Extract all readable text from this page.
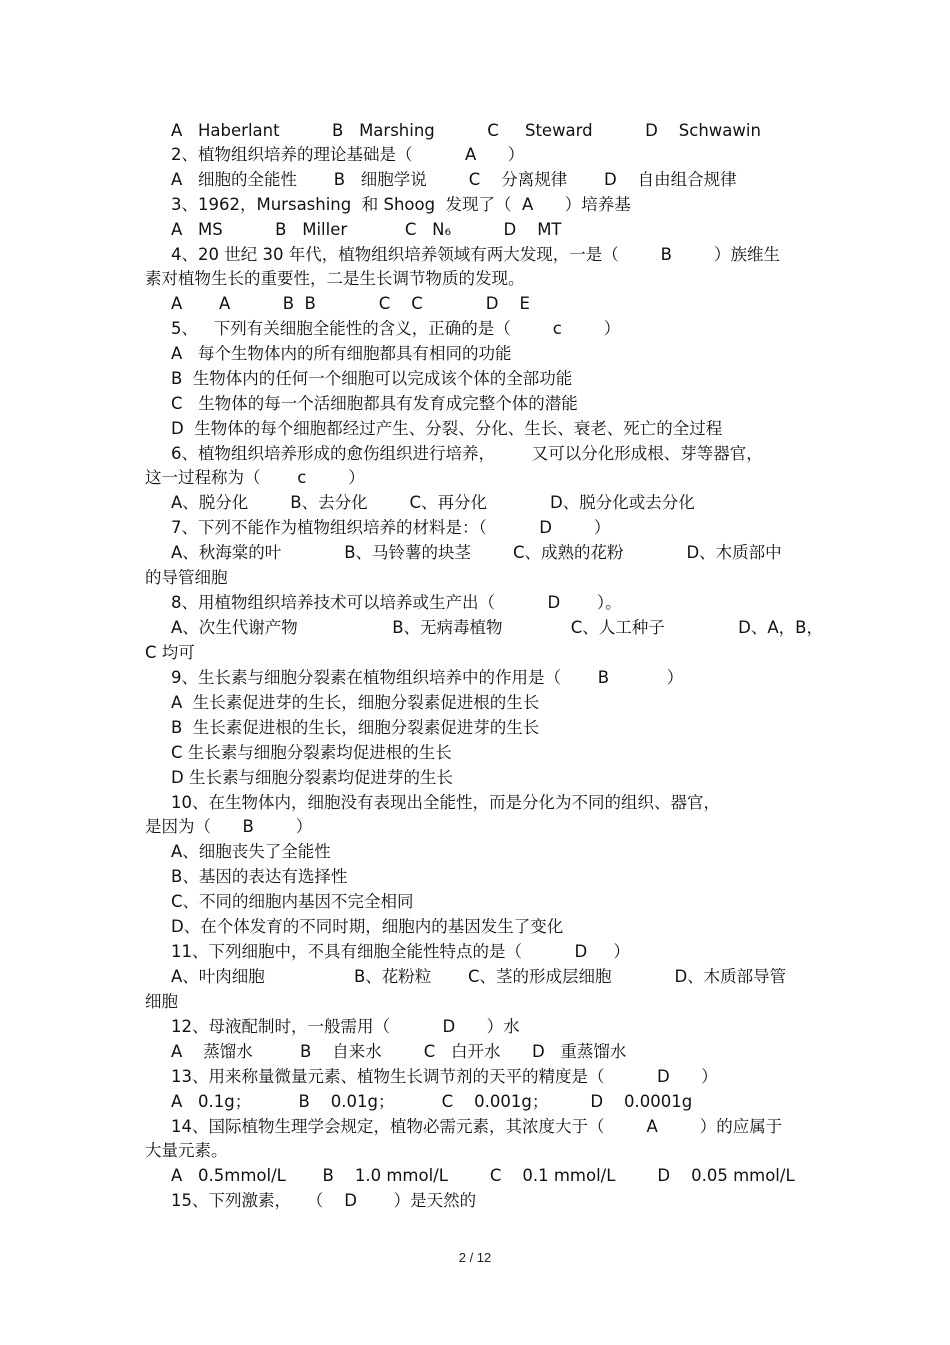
A   Haberlant          B   Marshing          C     Steward          D    Schwawin
2、植物组织培养的理论基础是（          A      ）
A   细胞的全能性       B   细胞学说        C    分离规律       D    自由组合规律
3、1962，Mursashing  和 Shoog  发现了（  A      ）培养基
A   MS          B   Miller           C   N₆          D    MT
4、20 世纪 30 年代，植物组织培养领域有两大发现，一是（        B        ）族维生
素对植物生长的重要性，二是生长调节物质的发现。
A       A          B  B            C    C            D    E
5、   下列有关细胞全能性的含义，正确的是（        c        ）
A   每个生物体内的所有细胞都具有相同的功能
B  生物体内的任何一个细胞可以完成该个体的全部功能
C   生物体的每一个活细胞都具有发育成完整个体的潜能
D  生物体的每个细胞都经过产生、分裂、分化、生长、衰老、死亡的全过程
6、植物组织培养形成的愈伤组织进行培养，       又可以分化形成根、芽等器官，
这一过程称为（       c        ）
A、脱分化        B、去分化        C、再分化            D、脱分化或去分化
7、下列不能作为植物组织培养的材料是：（          D        ）
A、秋海棠的叶            B、马铃薯的块茎        C、成熟的花粉            D、木质部中
的导管细胞
8、用植物组织培养技术可以培养或生产出（          D       ）。
A、次生代谢产物                  B、无病毒植物             C、人工种子              D、A，B，
C 均可
9、生长素与细胞分裂素在植物组织培养中的作用是（       B           ）
A  生长素促进芽的生长，细胞分裂素促进根的生长
B  生长素促进根的生长，细胞分裂素促进芽的生长
C 生长素与细胞分裂素均促进根的生长
D 生长素与细胞分裂素均促进芽的生长
10、在生物体内，细胞没有表现出全能性，而是分化为不同的组织、器官，
是因为（      B        ）
A、细胞丧失了全能性
B、基因的表达有选择性
C、不同的细胞内基因不完全相同
D、在个体发育的不同时期，细胞内的基因发生了变化
11、下列细胞中，不具有细胞全能性特点的是（          D     ）
A、叶肉细胞                 B、花粉粒       C、茎的形成层细胞            D、木质部导管
细胞
12、母液配制时，一般需用（          D      ）水
A    蒸馏水         B    自来水        C   白开水      D   重蒸馏水
13、用来称量微量元素、植物生长调节剂的天平的精度是（          D      ）
A   0.1g；         B    0.01g；         C    0.001g；        D    0.0001g
14、国际植物生理学会规定，植物必需元素，其浓度大于（        A        ）的应属于
大量元素。
A   0.5mmol/L       B    1.0 mmol/L        C    0.1 mmol/L        D    0.05 mmol/L
15、下列激素，   （    D       ）是天然的
2 / 12
